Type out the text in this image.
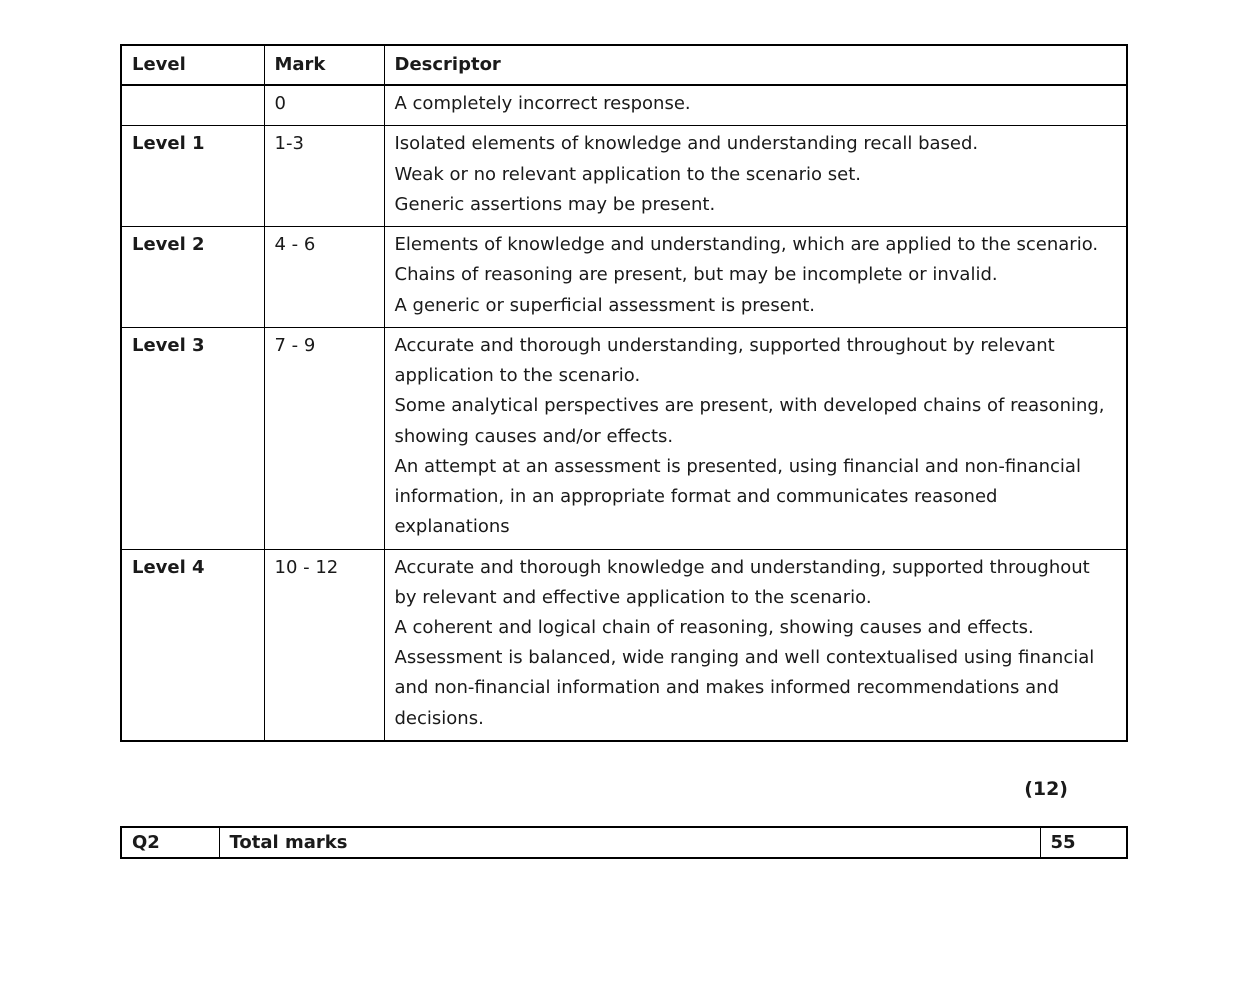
Level	Mark	Descriptor
	0	A completely incorrect response.

Level 1	1-3	Isolated elements of knowledge and understanding recall based.
Weak or no relevant application to the scenario set.
Generic assertions may be present.

Level 2	4 - 6	Elements of knowledge and understanding, which are applied to the scenario.
Chains of reasoning are present, but may be incomplete or invalid.
A generic or superficial assessment is present.

Level 3	7 - 9	Accurate and thorough understanding, supported throughout by relevant application to the scenario.
Some analytical perspectives are present, with developed chains of reasoning, showing causes and/or effects.
An attempt at an assessment is presented, using financial and non-financial information, in an appropriate format and communicates reasoned explanations

Level 4	10 - 12	Accurate and thorough knowledge and understanding, supported throughout by relevant and effective application to the scenario.
A coherent and logical chain of reasoning, showing causes and effects.
Assessment is balanced, wide ranging and well contextualised using financial and non-financial information and makes informed recommendations and decisions.
(12)
Q2	Total marks	55
